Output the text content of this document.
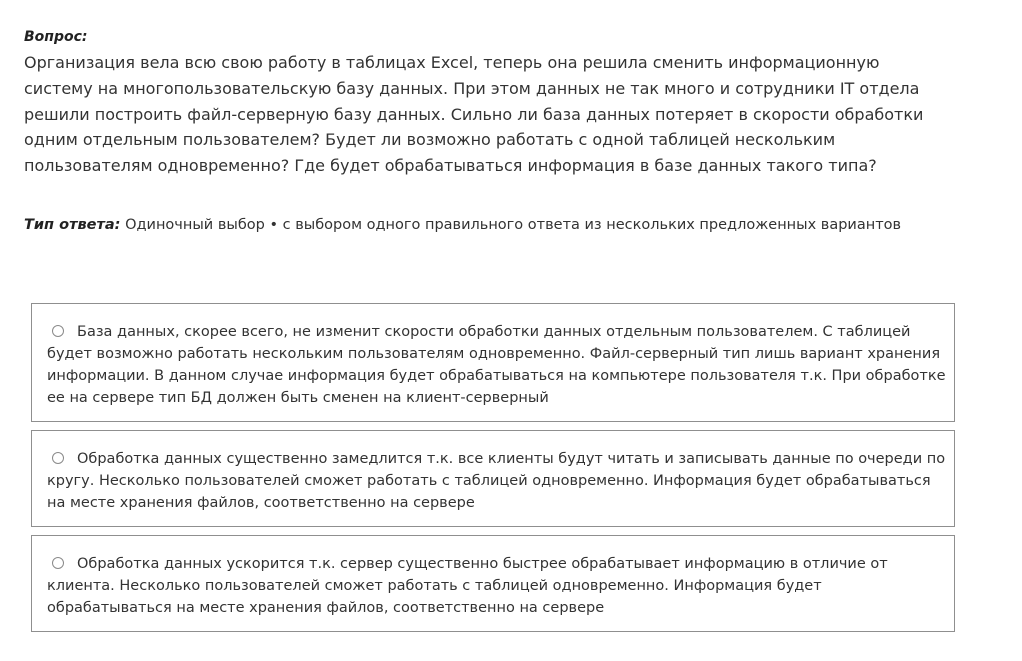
Вопрос:
Организация вела всю свою работу в таблицах Excel, теперь она решила сменить информационную систему на многопользовательскую базу данных. При этом данных не так много и сотрудники IT отдела решили построить файл-серверную базу данных. Сильно ли база данных потеряет в скорости обработки одним отдельным пользователем? Будет ли возможно работать с одной таблицей нескольким пользователям одновременно? Где будет обрабатываться информация в базе данных такого типа?
Тип ответа: Одиночный выбор • с выбором одного правильного ответа из нескольких предложенных вариантов
База данных, скорее всего, не изменит скорости обработки данных отдельным пользователем. С таблицей будет возможно работать нескольким пользователям одновременно. Файл-серверный тип лишь вариант хранения информации. В данном случае информация будет обрабатываться на компьютере пользователя т.к. При обработке ее на сервере тип БД должен быть сменен на клиент-серверный
Обработка данных существенно замедлится т.к. все клиенты будут читать и записывать данные по очереди по кругу. Несколько пользователей сможет работать с таблицей одновременно. Информация будет обрабатываться на месте хранения файлов, соответственно на сервере
Обработка данных ускорится т.к. сервер существенно быстрее обрабатывает информацию в отличие от клиента. Несколько пользователей сможет работать с таблицей одновременно. Информация будет обрабатываться на месте хранения файлов, соответственно на сервере
